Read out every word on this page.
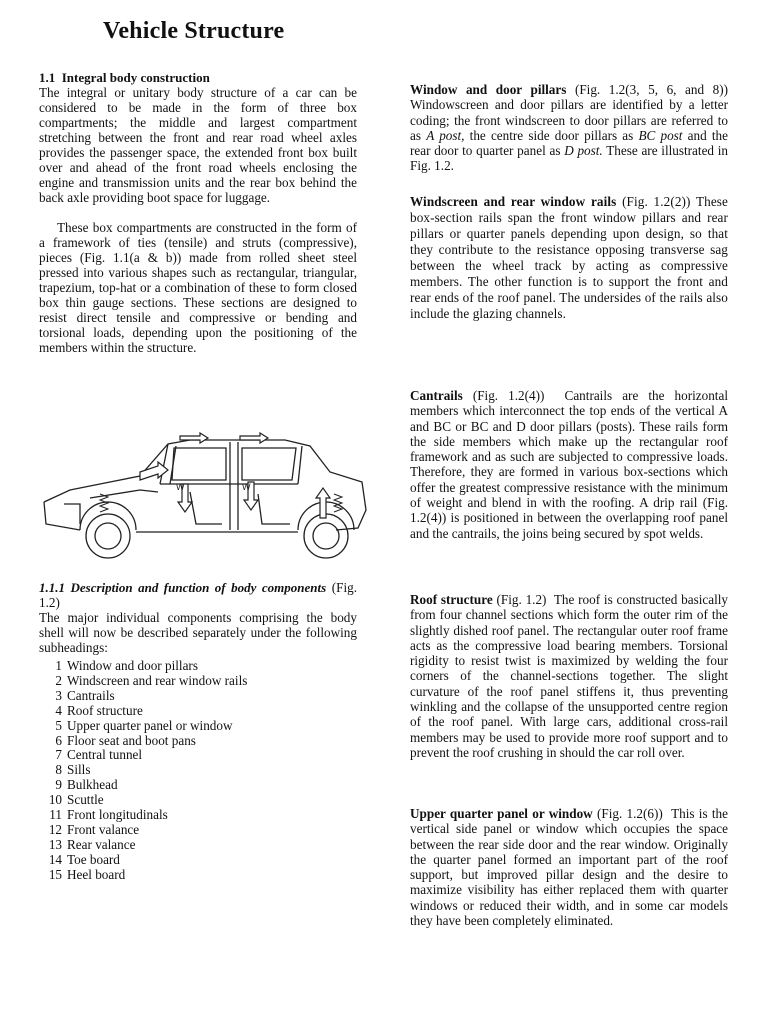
Vehicle Structure
1.1 Integral body construction

The integral or unitary body structure of a car can be considered to be made in the form of three box compartments; the middle and largest compartment stretching between the front and rear road wheel axles provides the passenger space, the extended front box built over and ahead of the front road wheels enclosing the engine and transmission units and the rear box behind the back axle providing boot space for luggage.

These box compartments are constructed in the form of a framework of ties (tensile) and struts (compressive), pieces (Fig. 1.1(a & b)) made from rolled sheet steel pressed into various shapes such as rectangular, triangular, trapezium, top-hat or a combination of these to form closed box thin gauge sections. These sections are designed to resist direct tensile and compressive or bending and torsional loads, depending upon the positioning of the members within the structure.

W	W
1.1.1 Description and function of body components (Fig. 1.2)

The major individual components comprising the body shell will now be described separately under the following subheadings:

1 Window and door pillars
2 Windscreen and rear window rails
3 Cantrails
4 Roof structure
5 Upper quarter panel or window
6 Floor seat and boot pans
7 Central tunnel
8 Sills
9 Bulkhead
10 Scuttle
11 Front longitudinals
12 Front valance
13 Rear valance
14 Toe board
15 Heel board
Window and door pillars (Fig. 1.2(3, 5, 6, and 8)) Windowscreen and door pillars are identified by a letter coding; the front windscreen to door pillars are referred to as A post, the centre side door pillars as BC post and the rear door to quarter panel as D post. These are illustrated in Fig. 1.2.
Windscreen and rear window rails (Fig. 1.2(2)) These box-section rails span the front window pillars and rear pillars or quarter panels depending upon design, so that they contribute to the resistance opposing transverse sag between the wheel track by acting as compressive members. The other function is to support the front and rear ends of the roof panel. The undersides of the rails also include the glazing channels.
Cantrails (Fig. 1.2(4)) Cantrails are the horizontal members which interconnect the top ends of the vertical A and BC or BC and D door pillars (posts). These rails form the side members which make up the rectangular roof framework and as such are subjected to compressive loads. Therefore, they are formed in various box-sections which offer the greatest compressive resistance with the minimum of weight and blend in with the roofing. A drip rail (Fig. 1.2(4)) is positioned in between the overlapping roof panel and the cantrails, the joins being secured by spot welds.
Roof structure (Fig. 1.2) The roof is constructed basically from four channel sections which form the outer rim of the slightly dished roof panel. The rectangular outer roof frame acts as the compressive load bearing members. Torsional rigidity to resist twist is maximized by welding the four corners of the channel-sections together. The slight curvature of the roof panel stiffens it, thus preventing winkling and the collapse of the unsupported centre region of the roof panel. With large cars, additional cross-rail members may be used to provide more roof support and to prevent the roof crushing in should the car roll over.
Upper quarter panel or window (Fig. 1.2(6)) This is the vertical side panel or window which occupies the space between the rear side door and the rear window. Originally the quarter panel formed an important part of the roof support, but improved pillar design and the desire to maximize visibility has either replaced them with quarter windows or reduced their width, and in some car models they have been completely eliminated.
